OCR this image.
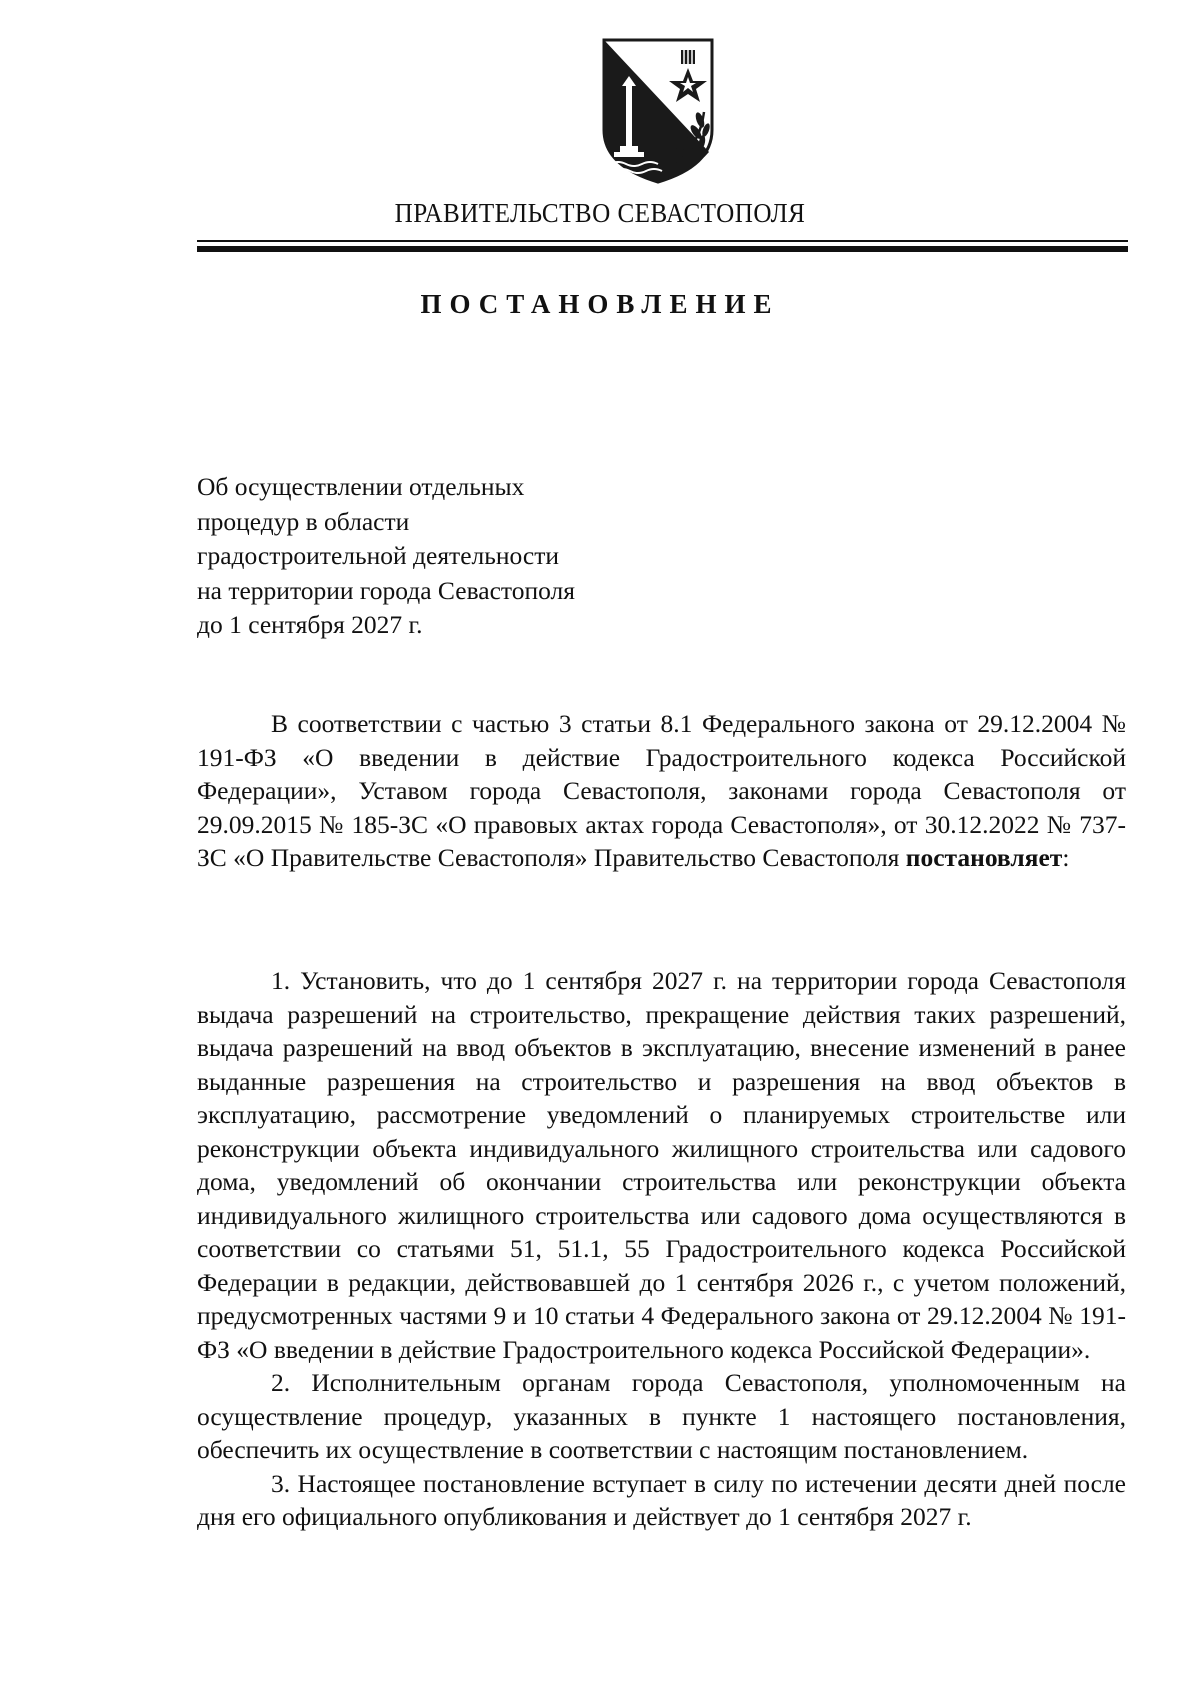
ПРАВИТЕЛЬСТВО СЕВАСТОПОЛЯ
ПОСТАНОВЛЕНИЕ
Об осуществлении отдельных
процедур в области
градостроительной деятельности
на территории города Севастополя
до 1 сентября 2027 г.

В соответствии с частью 3 статьи 8.1 Федерального закона от 29.12.2004 № 191-ФЗ «О введении в действие Градостроительного кодекса Российской Федерации», Уставом города Севастополя, законами города Севастополя от 29.09.2015 № 185-ЗС «О правовых актах города Севастополя», от 30.12.2022 № 737-ЗС «О Правительстве Севастополя» Правительство Севастополя постановляет:

1. Установить, что до 1 сентября 2027 г. на территории города Севастополя выдача разрешений на строительство, прекращение действия таких разрешений, выдача разрешений на ввод объектов в эксплуатацию, внесение изменений в ранее выданные разрешения на строительство и разрешения на ввод объектов в эксплуатацию, рассмотрение уведомлений о планируемых строительстве или реконструкции объекта индивидуального жилищного строительства или садового дома, уведомлений об окончании строительства или реконструкции объекта индивидуального жилищного строительства или садового дома осуществляются в соответствии со статьями 51, 51.1, 55 Градостроительного кодекса Российской Федерации в редакции, действовавшей до 1 сентября 2026 г., с учетом положений, предусмотренных частями 9 и 10 статьи 4 Федерального закона от 29.12.2004 № 191-ФЗ «О введении в действие Градостроительного кодекса Российской Федерации».

2. Исполнительным органам города Севастополя, уполномоченным на осуществление процедур, указанных в пункте 1 настоящего постановления, обеспечить их осуществление в соответствии с настоящим постановлением.

3. Настоящее постановление вступает в силу по истечении десяти дней после дня его официального опубликования и действует до 1 сентября 2027 г.
